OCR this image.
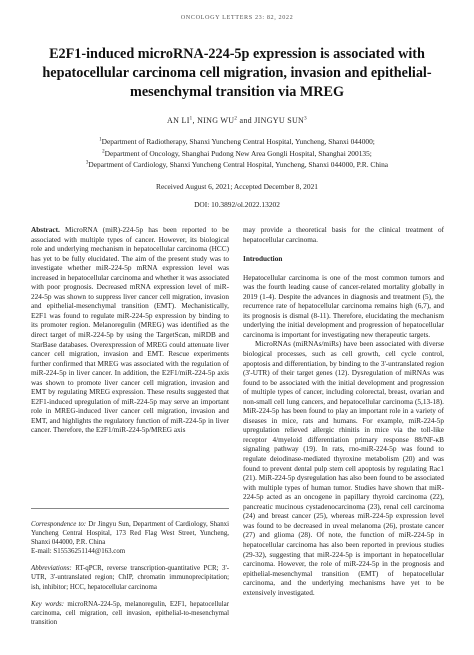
ONCOLOGY LETTERS 23: 82, 2022
E2F1-induced microRNA-224-5p expression is associated with hepatocellular carcinoma cell migration, invasion and epithelial-mesenchymal transition via MREG
AN $LI^1$, NING $WU^2$ and JINGYU SUN$^3$
$^1$Department of Radiotherapy, Shanxi Yuncheng Central Hospital, Yuncheng, Shanxi 044000;
$^2$Department of Oncology, Shanghai Pudong New Area Gongli Hospital, Shanghai 200135;
$^3$Department of Cardiology, Shanxi Yuncheng Central Hospital, Yuncheng, Shanxi 044000, P.R. China
Received August 6, 2021; Accepted December 8, 2021
DOI: 10.3892/ol.2022.13202

Abstract. MicroRNA (miR)-224-5p has been reported to be associated with multiple types of cancer. However, its biological role and underlying mechanism in hepatocellular carcinoma (HCC) has yet to be fully elucidated. The aim of the present study was to investigate whether miR-224-5p mRNA expression level was increased in hepatocellular carcinoma and whether it was associated with poor prognosis. Decreased mRNA expression level of miR-224-5p was shown to suppress liver cancer cell migration, invasion and epithelial-mesenchymal transition (EMT). Mechanistically, E2F1 was found to regulate miR-224-5p expression by binding to its promoter region. Melanoregulin (MREG) was identified as the direct target of miR-224-5p by using the TargetScan, miRDB and StarBase databases. Overexpression of MREG could attenuate liver cancer cell migration, invasion and EMT. Rescue experiments further confirmed that MREG was associated with the regulation of miR-224-5p in liver cancer. In addition, the E2F1/miR-224-5p axis was shown to promote liver cancer cell migration, invasion and EMT by regulating MREG expression. These results suggested that E2F1-induced upregulation of miR-224-5p may serve an important role in MREG-induced liver cancer cell migration, invasion and EMT, and highlights the regulatory function of miR-224-5p in liver cancer. Therefore, the E2F1/miR-224-5p/MREG axis

Correspondence to: Dr Jingyu Sun, Department of Cardiology, Shanxi Yuncheng Central Hospital, 173 Red Flag West Street, Yuncheng, Shanxi 044000, P.R. China
E-mail: S15536251144@163.com
Abbreviations: RT-qPCR, reverse transcription-quantitative PCR; 3'-UTR, 3'-untranslated region; ChIP, chromatin immunoprecipitation; ish, inhibitor; HCC, hepatocellular carcinoma
Key words: microRNA-224-5p, melanoregulin, E2F1, hepatocellular carcinoma, cell migration, cell invasion, epithelial-to-mesenchymal transition

may provide a theoretical basis for the clinical treatment of hepatocellular carcinoma.

Introduction

Hepatocellular carcinoma is one of the most common tumors and was the fourth leading cause of cancer-related mortality globally in 2019 (1-4). Despite the advances in diagnosis and treatment (5), the recurrence rate of hepatocellular carcinoma remains high (6,7), and its prognosis is dismal (8-11). Therefore, elucidating the mechanism underlying the initial development and progression of hepatocellular carcinoma is important for investigating new therapeutic targets.

MicroRNAs (miRNAs/miRs) have been associated with diverse biological processes, such as cell growth, cell cycle control, apoptosis and differentiation, by binding to the 3'-untranslated region (3'-UTR) of their target genes (12). Dysregulation of miRNAs was found to be associated with the initial development and progression of multiple types of cancer, including colorectal, breast, ovarian and non-small cell lung cancers, and hepatocellular carcinoma (5,13-18). MiR-224-5p has been found to play an important role in a variety of diseases in mice, rats and humans. For example, miR-224-5p upregulation relieved allergic rhinitis in mice via the toll-like receptor 4/myeloid differentiation primary response 88/NF-κB signaling pathway (19). In rats, rno-miR-224-5p was found to regulate deiodinase-mediated thyroxine metabolism (20) and was found to prevent dental pulp stem cell apoptosis by regulating Rac1 (21). MiR-224-5p dysregulation has also been found to be associated with multiple types of human tumor. Studies have shown that miR-224-5p acted as an oncogene in papillary thyroid carcinoma (22), pancreatic mucinous cystadenocarcinoma (23), renal cell carcinoma (24) and breast cancer (25), whereas miR-224-5p expression level was found to be decreased in uveal melanoma (26), prostate cancer (27) and glioma (28). Of note, the function of miR-224-5p in hepatocellular carcinoma has also been reported in previous studies (29-32), suggesting that miR-224-5p is important in hepatocellular carcinoma. However, the role of miR-224-5p in the prognosis and epithelial-mesenchymal transition (EMT) of hepatocellular carcinoma, and the underlying mechanisms have yet to be extensively investigated.
